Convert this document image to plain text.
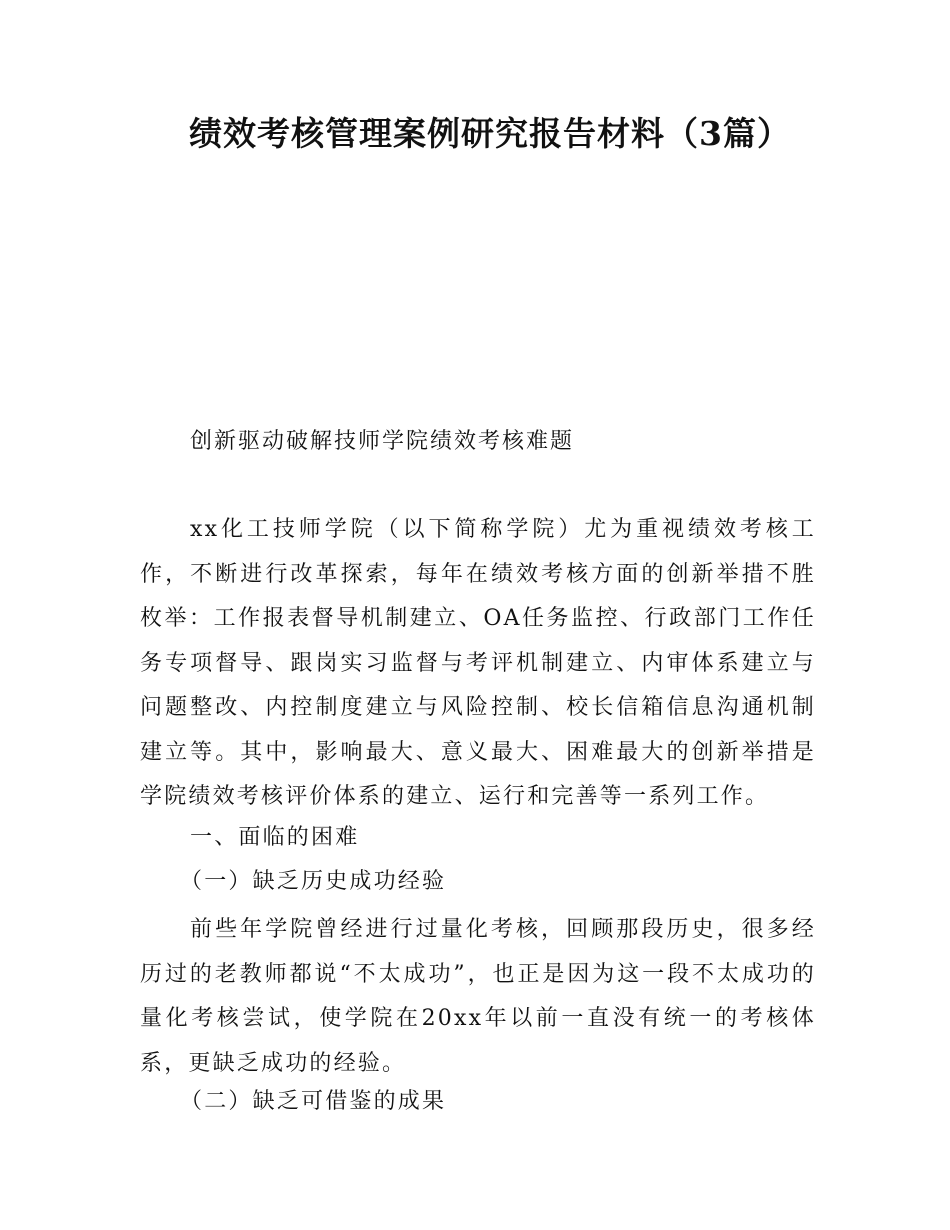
绩效考核管理案例研究报告材料（3篇）

创新驱动破解技师学院绩效考核难题

xx化工技师学院（以下简称学院）尤为重视绩效考核工作，不断进行改革探索，每年在绩效考核方面的创新举措不胜枚举：工作报表督导机制建立、OA任务监控、行政部门工作任务专项督导、跟岗实习监督与考评机制建立、内审体系建立与问题整改、内控制度建立与风险控制、校长信箱信息沟通机制建立等。其中，影响最大、意义最大、困难最大的创新举措是学院绩效考核评价体系的建立、运行和完善等一系列工作。

一、面临的困难

（一）缺乏历史成功经验

前些年学院曾经进行过量化考核，回顾那段历史，很多经历过的老教师都说“不太成功”，也正是因为这一段不太成功的量化考核尝试，使学院在20xx年以前一直没有统一的考核体系，更缺乏成功的经验。

（二）缺乏可借鉴的成果
